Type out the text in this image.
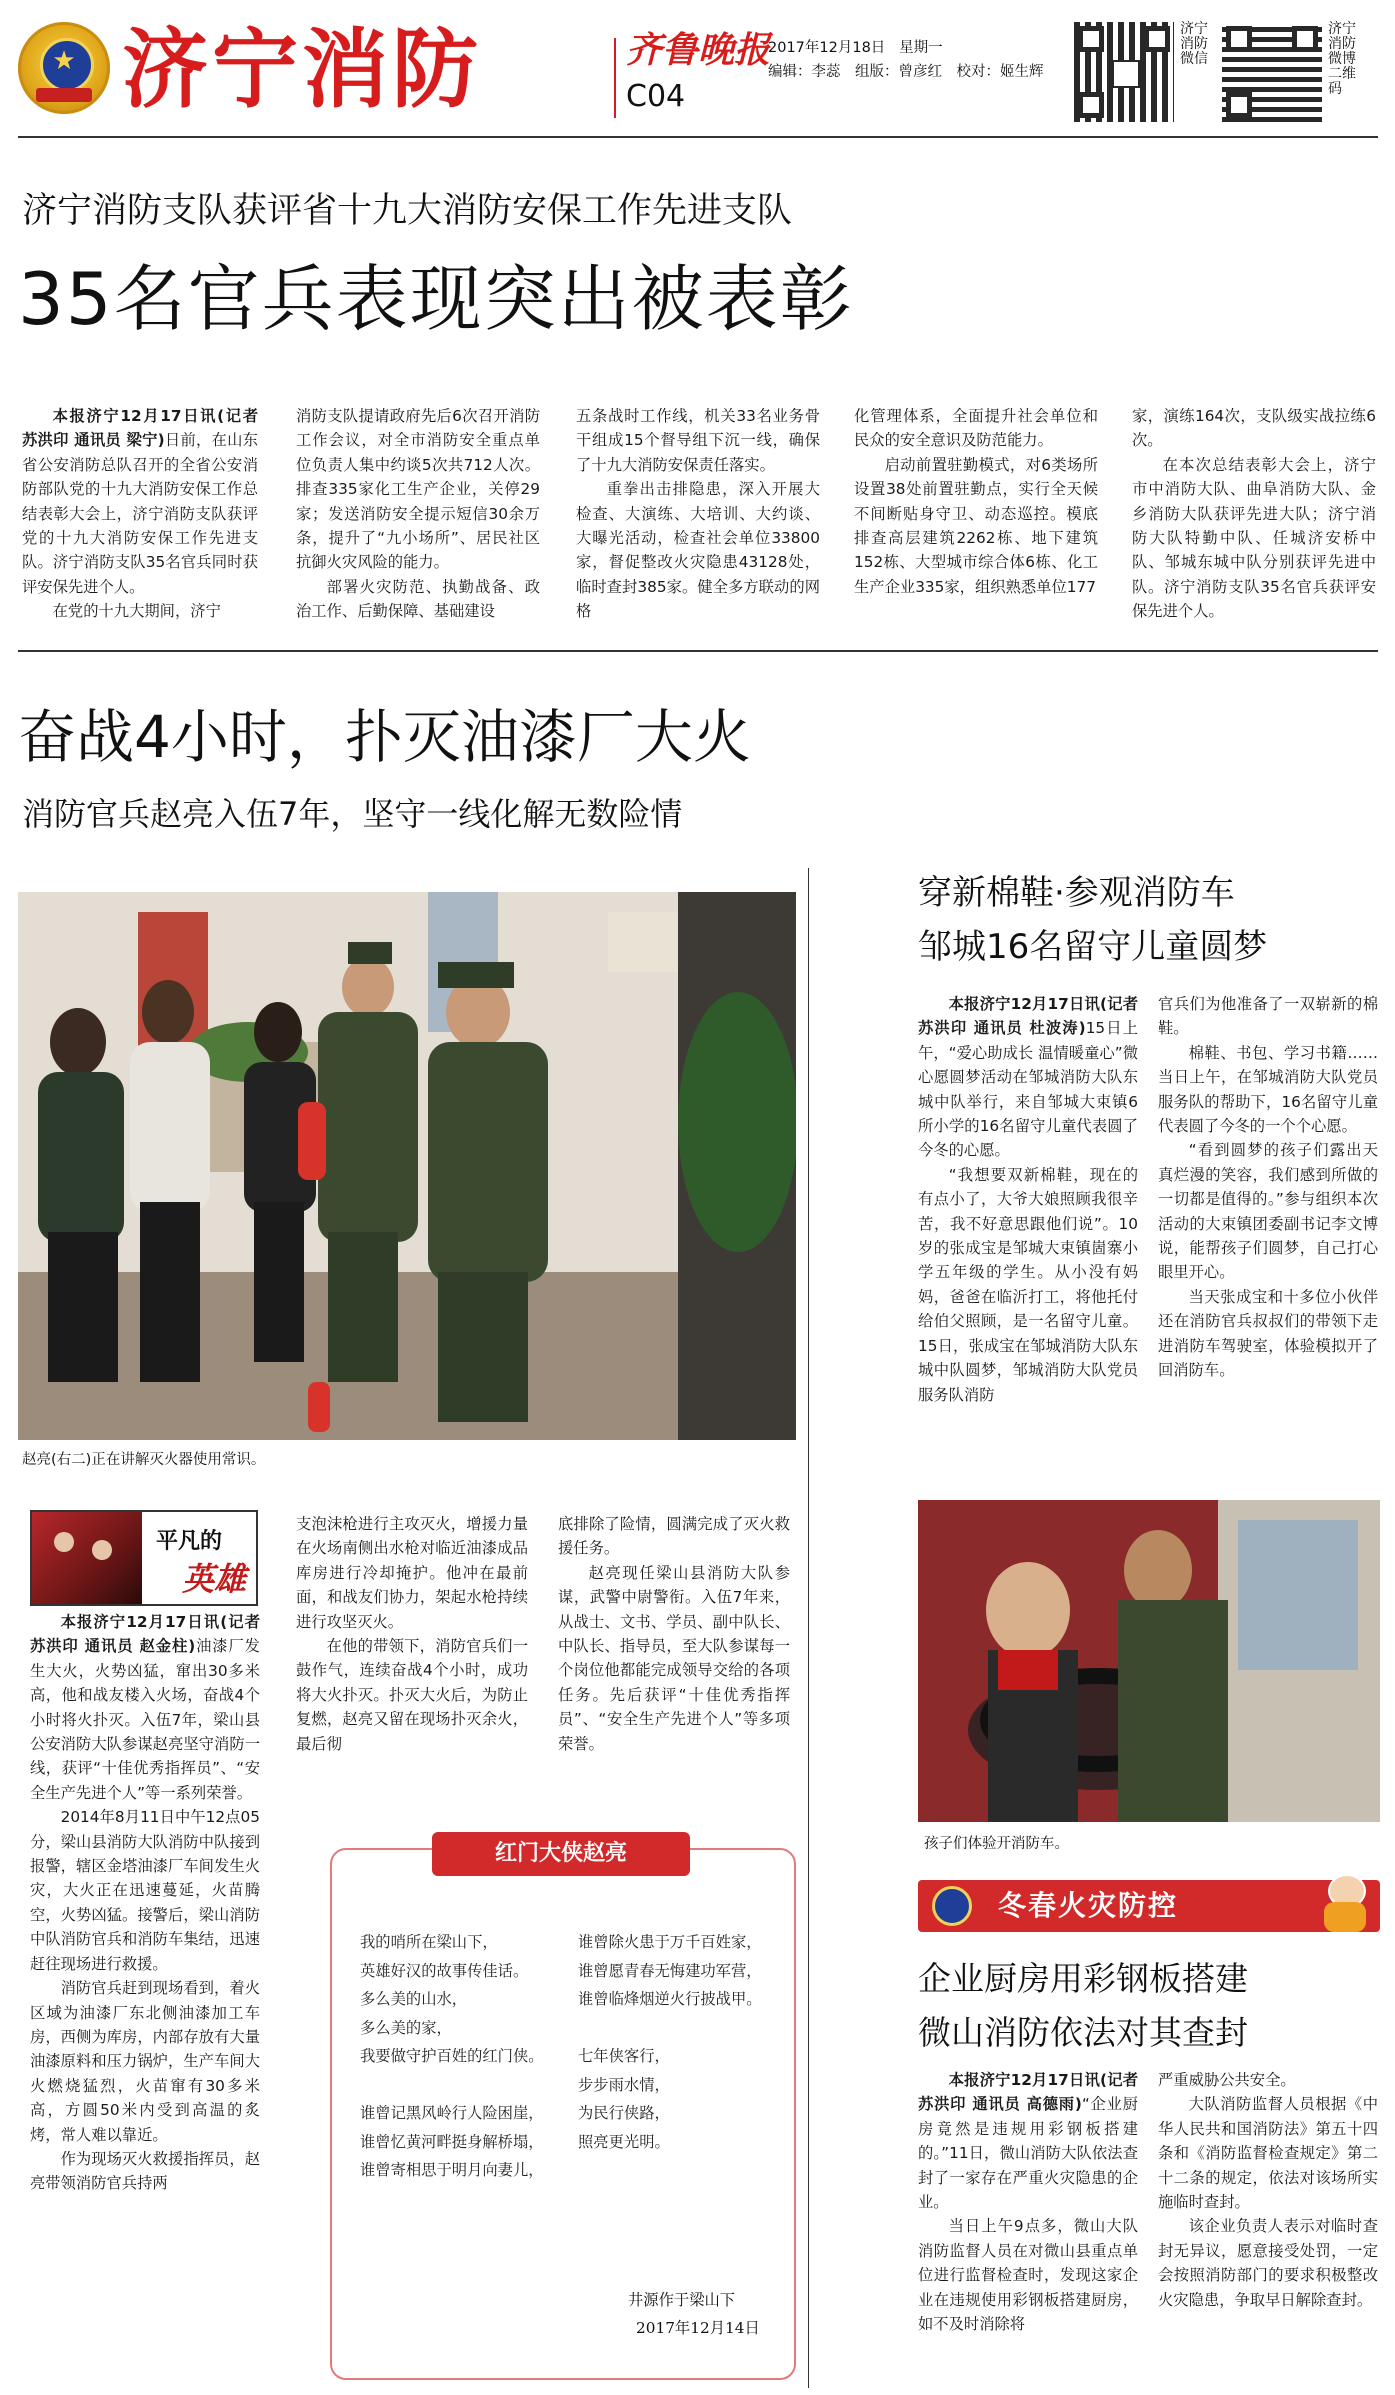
★ 济宁消防	齐鲁晚报
C04
2017年12月18日 星期一
编辑：李蕊　组版：曾彦红　校对：姬生辉
济宁消防微信
济宁消防微博二维码
济宁消防支队获评省十九大消防安保工作先进支队
35名官兵表现突出被表彰

本报济宁12月17日讯(记者 苏洪印 通讯员 梁宁)日前，在山东省公安消防总队召开的全省公安消防部队党的十九大消防安保工作总结表彰大会上，济宁消防支队获评党的十九大消防安保工作先进支队。济宁消防支队35名官兵同时获评安保先进个人。

在党的十九大期间，济宁

消防支队提请政府先后6次召开消防工作会议，对全市消防安全重点单位负责人集中约谈5次共712人次。排查335家化工生产企业，关停29家；发送消防安全提示短信30余万条，提升了“九小场所”、居民社区抗御火灾风险的能力。

部署火灾防范、执勤战备、政治工作、后勤保障、基础建设

五条战时工作线，机关33名业务骨干组成15个督导组下沉一线，确保了十九大消防安保责任落实。

重拳出击排隐患，深入开展大检查、大演练、大培训、大约谈、大曝光活动，检查社会单位33800家，督促整改火灾隐患43128处，临时查封385家。健全多方联动的网格

化管理体系，全面提升社会单位和民众的安全意识及防范能力。

启动前置驻勤模式，对6类场所设置38处前置驻勤点，实行全天候不间断贴身守卫、动态巡控。模底排查高层建筑2262栋、地下建筑152栋、大型城市综合体6栋、化工生产企业335家，组织熟悉单位177

家，演练164次，支队级实战拉练6次。

在本次总结表彰大会上，济宁市中消防大队、曲阜消防大队、金乡消防大队获评先进大队；济宁消防大队特勤中队、任城济安桥中队、邹城东城中队分别获评先进中队。济宁消防支队35名官兵获评安保先进个人。

奋战4小时，扑灭油漆厂大火
消防官兵赵亮入伍7年，坚守一线化解无数险情
赵亮(右二)正在讲解灭火器使用常识。
平凡的
英雄

本报济宁12月17日讯(记者 苏洪印 通讯员 赵金柱)油漆厂发生大火，火势凶猛，窜出30多米高，他和战友楼入火场，奋战4个小时将火扑灭。入伍7年，梁山县公安消防大队参谋赵亮坚守消防一线，获评“十佳优秀指挥员”、“安全生产先进个人”等一系列荣誉。

2014年8月11日中午12点05分，梁山县消防大队消防中队接到报警，辖区金塔油漆厂车间发生火灾，大火正在迅速蔓延，火苗腾空，火势凶猛。接警后，梁山消防中队消防官兵和消防车集结，迅速赶往现场进行救援。

消防官兵赶到现场看到，着火区域为油漆厂东北侧油漆加工车房，西侧为库房，内部存放有大量油漆原料和压力锅炉，生产车间大火燃烧猛烈，火苗窜有30多米高，方圆50米内受到高温的炙烤，常人难以靠近。

作为现场灭火救援指挥员，赵亮带领消防官兵持两

支泡沫枪进行主攻灭火，增援力量在火场南侧出水枪对临近油漆成品库房进行冷却掩护。他冲在最前面，和战友们协力，架起水枪持续进行攻坚灭火。

在他的带领下，消防官兵们一鼓作气，连续奋战4个小时，成功将大火扑灭。扑灭大火后，为防止复燃，赵亮又留在现场扑灭余火，最后彻

底排除了险情，圆满完成了灭火救援任务。

赵亮现任梁山县消防大队参谋，武警中尉警衔。入伍7年来，从战士、文书、学员、副中队长、中队长、指导员，至大队参谋每一个岗位他都能完成领导交给的各项任务。先后获评“十佳优秀指挥员”、“安全生产先进个人”等多项荣誉。

红门大侠赵亮
我的哨所在梁山下，
英雄好汉的故事传佳话。
多么美的山水，
多么美的家，
我要做守护百姓的红门侠。

谁曾记黑风岭行人险困崖，
谁曾忆黄河畔挺身解桥塌，
谁曾寄相思于明月向妻儿，
谁曾除火患于万千百姓家，
谁曾愿青春无悔建功军营，
谁曾临烽烟逆火行披战甲。

七年侠客行，
步步雨水情，
为民行侠路，
照亮更光明。
井源作于梁山下
2017年12月14日
穿新棉鞋·参观消防车
邹城16名留守儿童圆梦

本报济宁12月17日讯(记者 苏洪印 通讯员 杜波涛)15日上午，“爱心助成长 温情暖童心”微心愿圆梦活动在邹城消防大队东城中队举行，来自邹城大束镇6所小学的16名留守儿童代表圆了今冬的心愿。

“我想要双新棉鞋，现在的有点小了，大爷大娘照顾我很辛苦，我不好意思跟他们说”。10岁的张成宝是邹城大束镇崮寨小学五年级的学生。从小没有妈妈，爸爸在临沂打工，将他托付给伯父照顾，是一名留守儿童。15日，张成宝在邹城消防大队东城中队圆梦，邹城消防大队党员服务队消防

官兵们为他准备了一双崭新的棉鞋。

棉鞋、书包、学习书籍……当日上午，在邹城消防大队党员服务队的帮助下，16名留守儿童代表圆了今冬的一个个心愿。

“看到圆梦的孩子们露出天真烂漫的笑容，我们感到所做的一切都是值得的。”参与组织本次活动的大束镇团委副书记李文博说，能帮孩子们圆梦，自己打心眼里开心。

当天张成宝和十多位小伙伴还在消防官兵叔叔们的带领下走进消防车驾驶室，体验模拟开了回消防车。

孩子们体验开消防车。
冬春火灾防控
企业厨房用彩钢板搭建
微山消防依法对其查封

本报济宁12月17日讯(记者 苏洪印 通讯员 高德雨)“企业厨房竟然是违规用彩钢板搭建的。”11日，微山消防大队依法查封了一家存在严重火灾隐患的企业。

当日上午9点多，微山大队消防监督人员在对微山县重点单位进行监督检查时，发现这家企业在违规使用彩钢板搭建厨房，如不及时消除将

严重威胁公共安全。

大队消防监督人员根据《中华人民共和国消防法》第五十四条和《消防监督检查规定》第二十二条的规定，依法对该场所实施临时查封。

该企业负责人表示对临时查封无异议，愿意接受处罚，一定会按照消防部门的要求积极整改火灾隐患，争取早日解除查封。
